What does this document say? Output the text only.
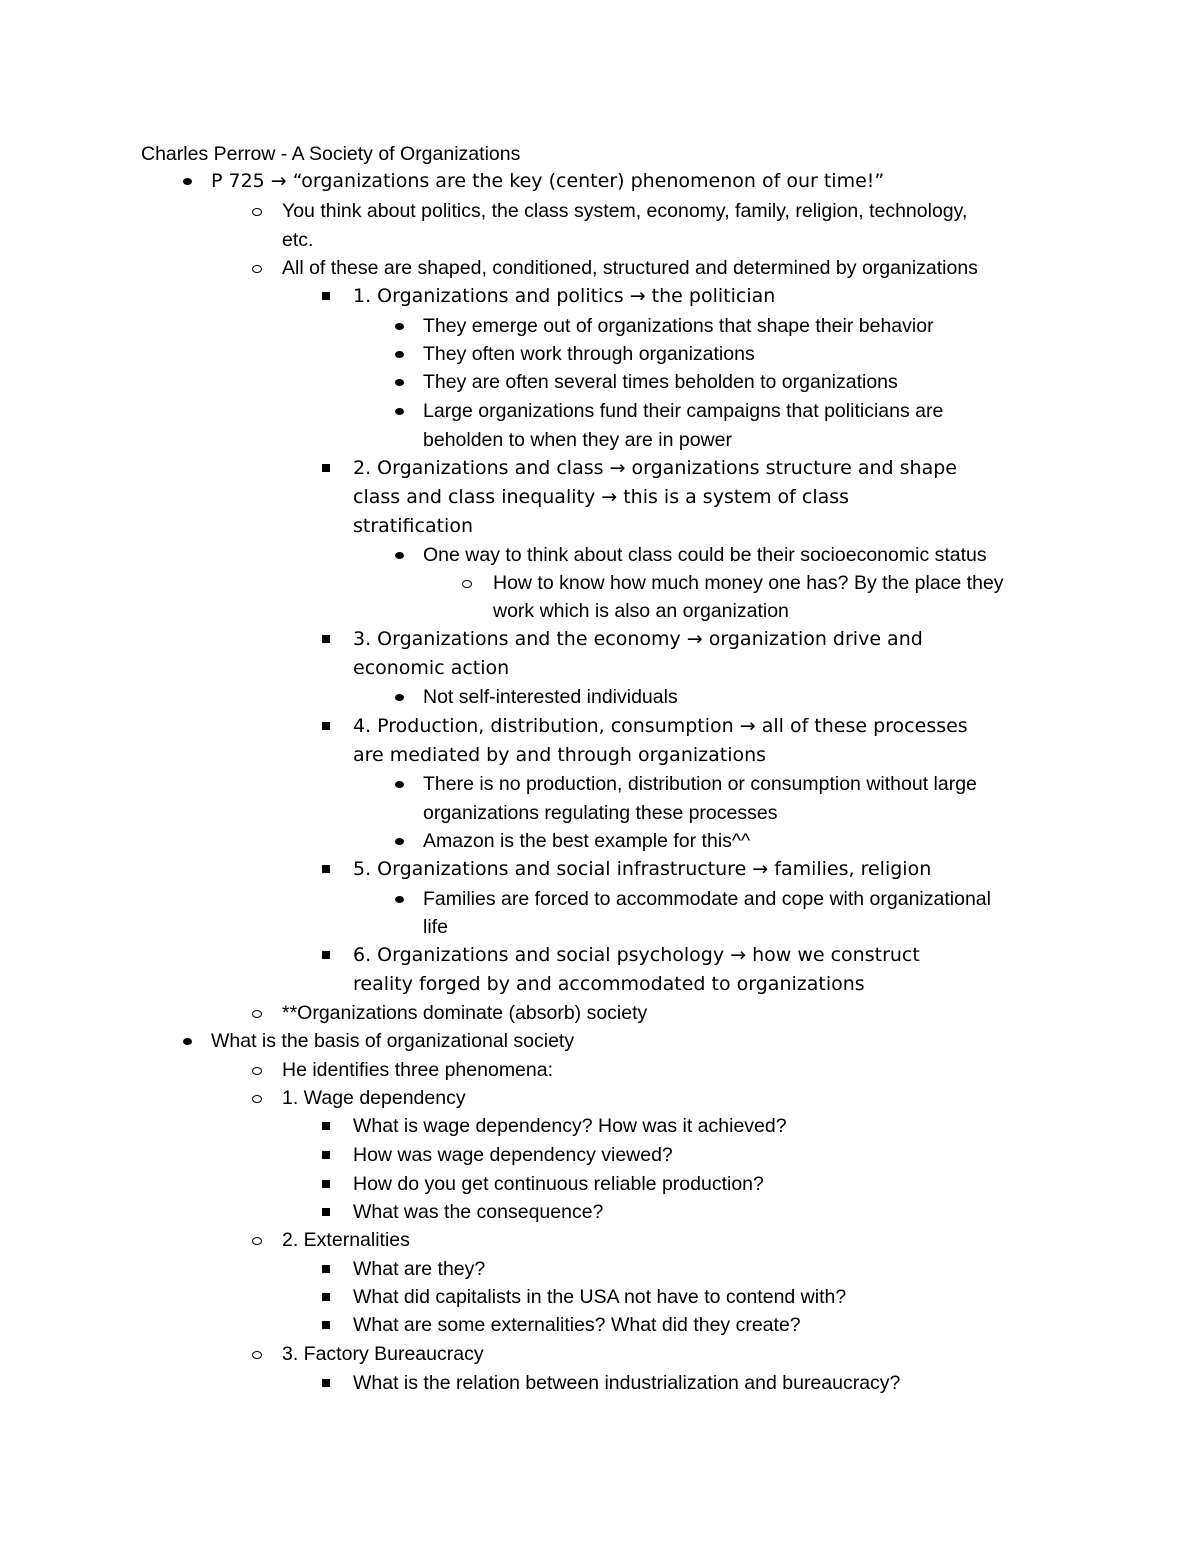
Charles Perrow - A Society of Organizations

P 725 → “organizations are the key (center) phenomenon of our time!”

You think about politics, the class system, economy, family, religion, technology,

etc.

All of these are shaped, conditioned, structured and determined by organizations

1. Organizations and politics → the politician

They emerge out of organizations that shape their behavior

They often work through organizations

They are often several times beholden to organizations

Large organizations fund their campaigns that politicians are

beholden to when they are in power

2. Organizations and class → organizations structure and shape

class and class inequality → this is a system of class

stratification

One way to think about class could be their socioeconomic status

How to know how much money one has? By the place they

work which is also an organization

3. Organizations and the economy → organization drive and

economic action

Not self-interested individuals

4. Production, distribution, consumption → all of these processes

are mediated by and through organizations

There is no production, distribution or consumption without large

organizations regulating these processes

Amazon is the best example for this^^

5. Organizations and social infrastructure → families, religion

Families are forced to accommodate and cope with organizational

life

6. Organizations and social psychology → how we construct

reality forged by and accommodated to organizations

**Organizations dominate (absorb) society

What is the basis of organizational society

He identifies three phenomena:

1. Wage dependency

What is wage dependency? How was it achieved?

How was wage dependency viewed?

How do you get continuous reliable production?

What was the consequence?

2. Externalities

What are they?

What did capitalists in the USA not have to contend with?

What are some externalities? What did they create?

3. Factory Bureaucracy

What is the relation between industrialization and bureaucracy?
